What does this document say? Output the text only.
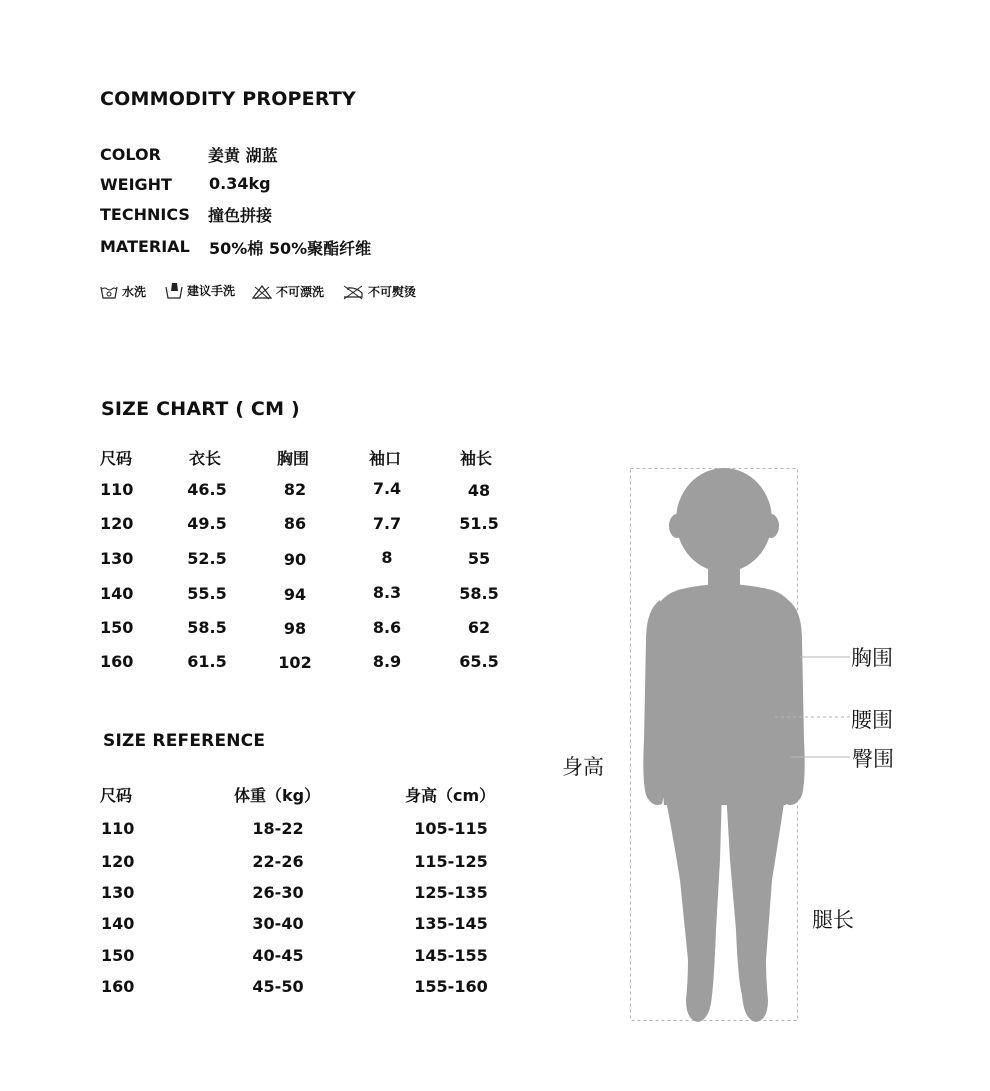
COMMODITY PROPERTY
COLOR	姜黄 湖蓝
WEIGHT 0.34kg
TECHNICS 撞色拼接
MATERIAL 50%棉 50%聚酯纤维
水洗	建议手洗	不可漂洗	不可熨烫
SIZE CHART ( CM )
尺码	衣长	胸围	袖口	袖长
110	46.5	82	7.4	48
120	49.5	86	7.7	51.5
130	52.5	90	8	55
140	55.5	94	8.3	58.5
150	58.5	98	8.6	62
160	61.5	102	8.9	65.5
SIZE REFERENCE
尺码	体重（kg）	身高（cm）
110	18-22	105-115
120	22-26	115-125
130	26-30	125-135
140	30-40	135-145
150	40-45	145-155
160	45-50	155-160
身高
胸围
腰围
臀围
腿长
